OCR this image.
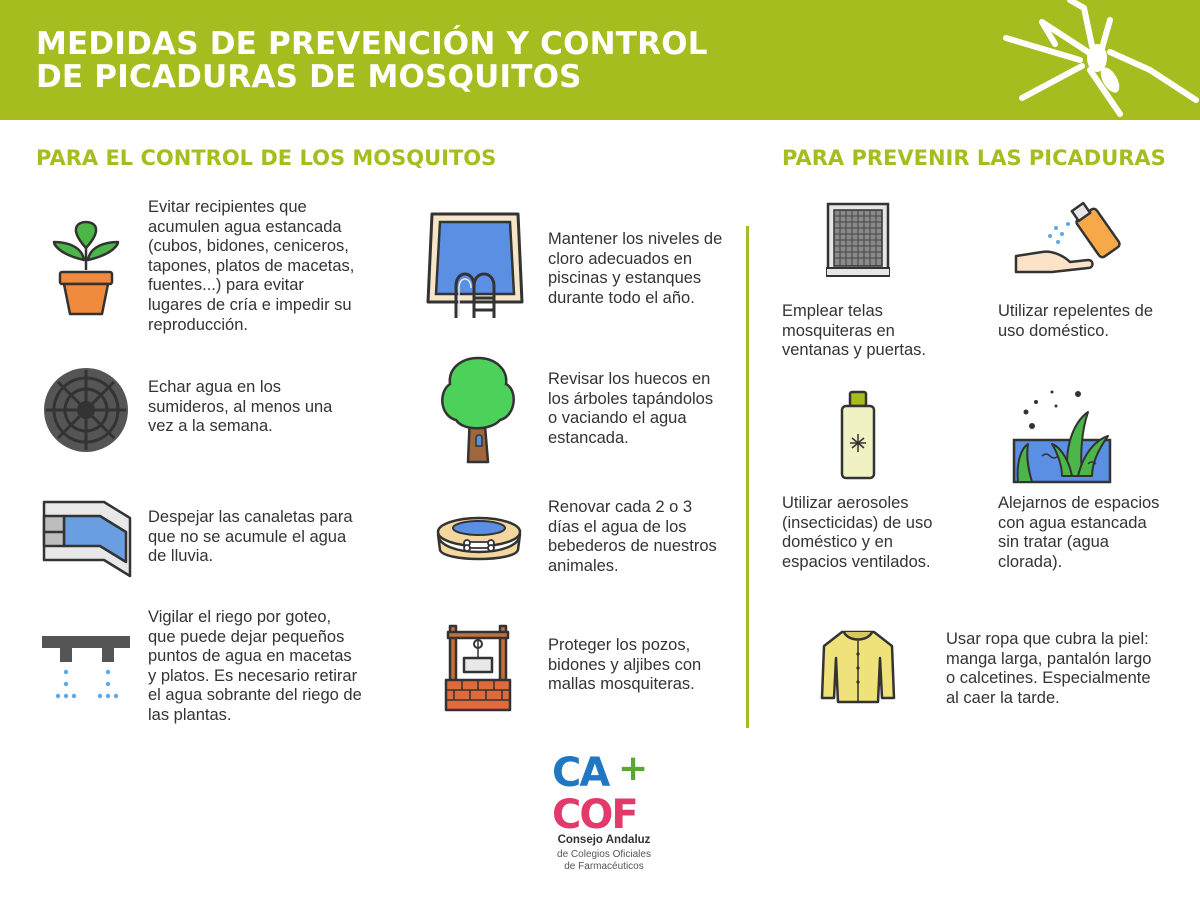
MEDIDAS DE PREVENCIÓN Y CONTROL
DE PICADURAS DE MOSQUITOS
PARA EL CONTROL DE LOS MOSQUITOS	PARA PREVENIR LAS PICADURAS
Evitar recipientes que acumulen agua estancada (cubos, bidones, ceniceros, tapones, platos de macetas, fuentes...) para evitar lugares de cría e impedir su reproducción.
Echar agua en los sumideros, al menos una vez a la semana.
Despejar las canaletas para que no se acumule el agua de lluvia.
Vigilar el riego por goteo, que puede dejar pequeños puntos de agua en macetas y platos. Es necesario retirar el agua sobrante del riego de las plantas.
Mantener los niveles de cloro adecuados en piscinas y estanques durante todo el año.
Revisar los huecos en los árboles tapándolos o vaciando el agua estancada.
Renovar cada 2 o 3 días el agua de los bebederos de nuestros animales.
Proteger los pozos, bidones y aljibes con mallas mosquiteras.
Emplear telas mosquiteras en ventanas y puertas.
Utilizar repelentes de uso doméstico.
Utilizar aerosoles (insecticidas) de uso doméstico y en espacios ventilados.
Alejarnos de espacios con agua estancada sin tratar (agua clorada).
Usar ropa que cubra la piel: manga larga, pantalón largo o calcetines. Especialmente al caer la tarde.
CA +
COF
Consejo Andaluz
de Colegios Oficiales
de Farmacéuticos
